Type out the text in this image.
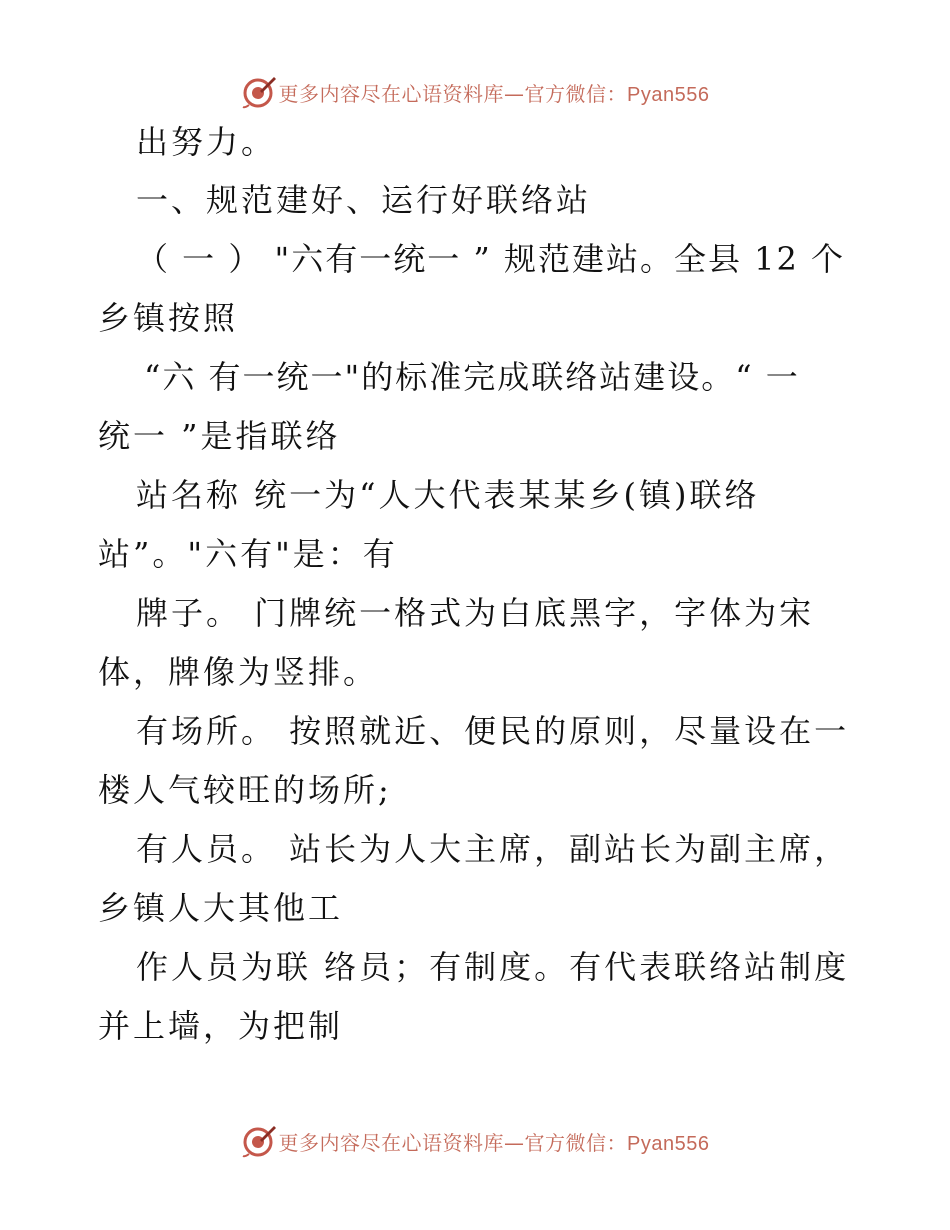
更多内容尽在心语资料库—官方微信：Pyan556
出努力。
一、规范建好、运行好联络站
（ 一 ） "六有一统一 ” 规范建站。全县 12 个
乡镇按照
“六 有一统一"的标准完成联络站建设。“ 一
统一 ”是指联络
站名称 统一为“人大代表某某乡(镇)联络
站”。"六有"是：有
牌子。 门牌统一格式为白底黑字，字体为宋
体，牌像为竖排。
有场所。 按照就近、便民的原则，尽量设在一
楼人气较旺的场所;
有人员。 站长为人大主席，副站长为副主席，
乡镇人大其他工
作人员为联 络员；有制度。有代表联络站制度
并上墙，为把制
更多内容尽在心语资料库—官方微信：Pyan556
